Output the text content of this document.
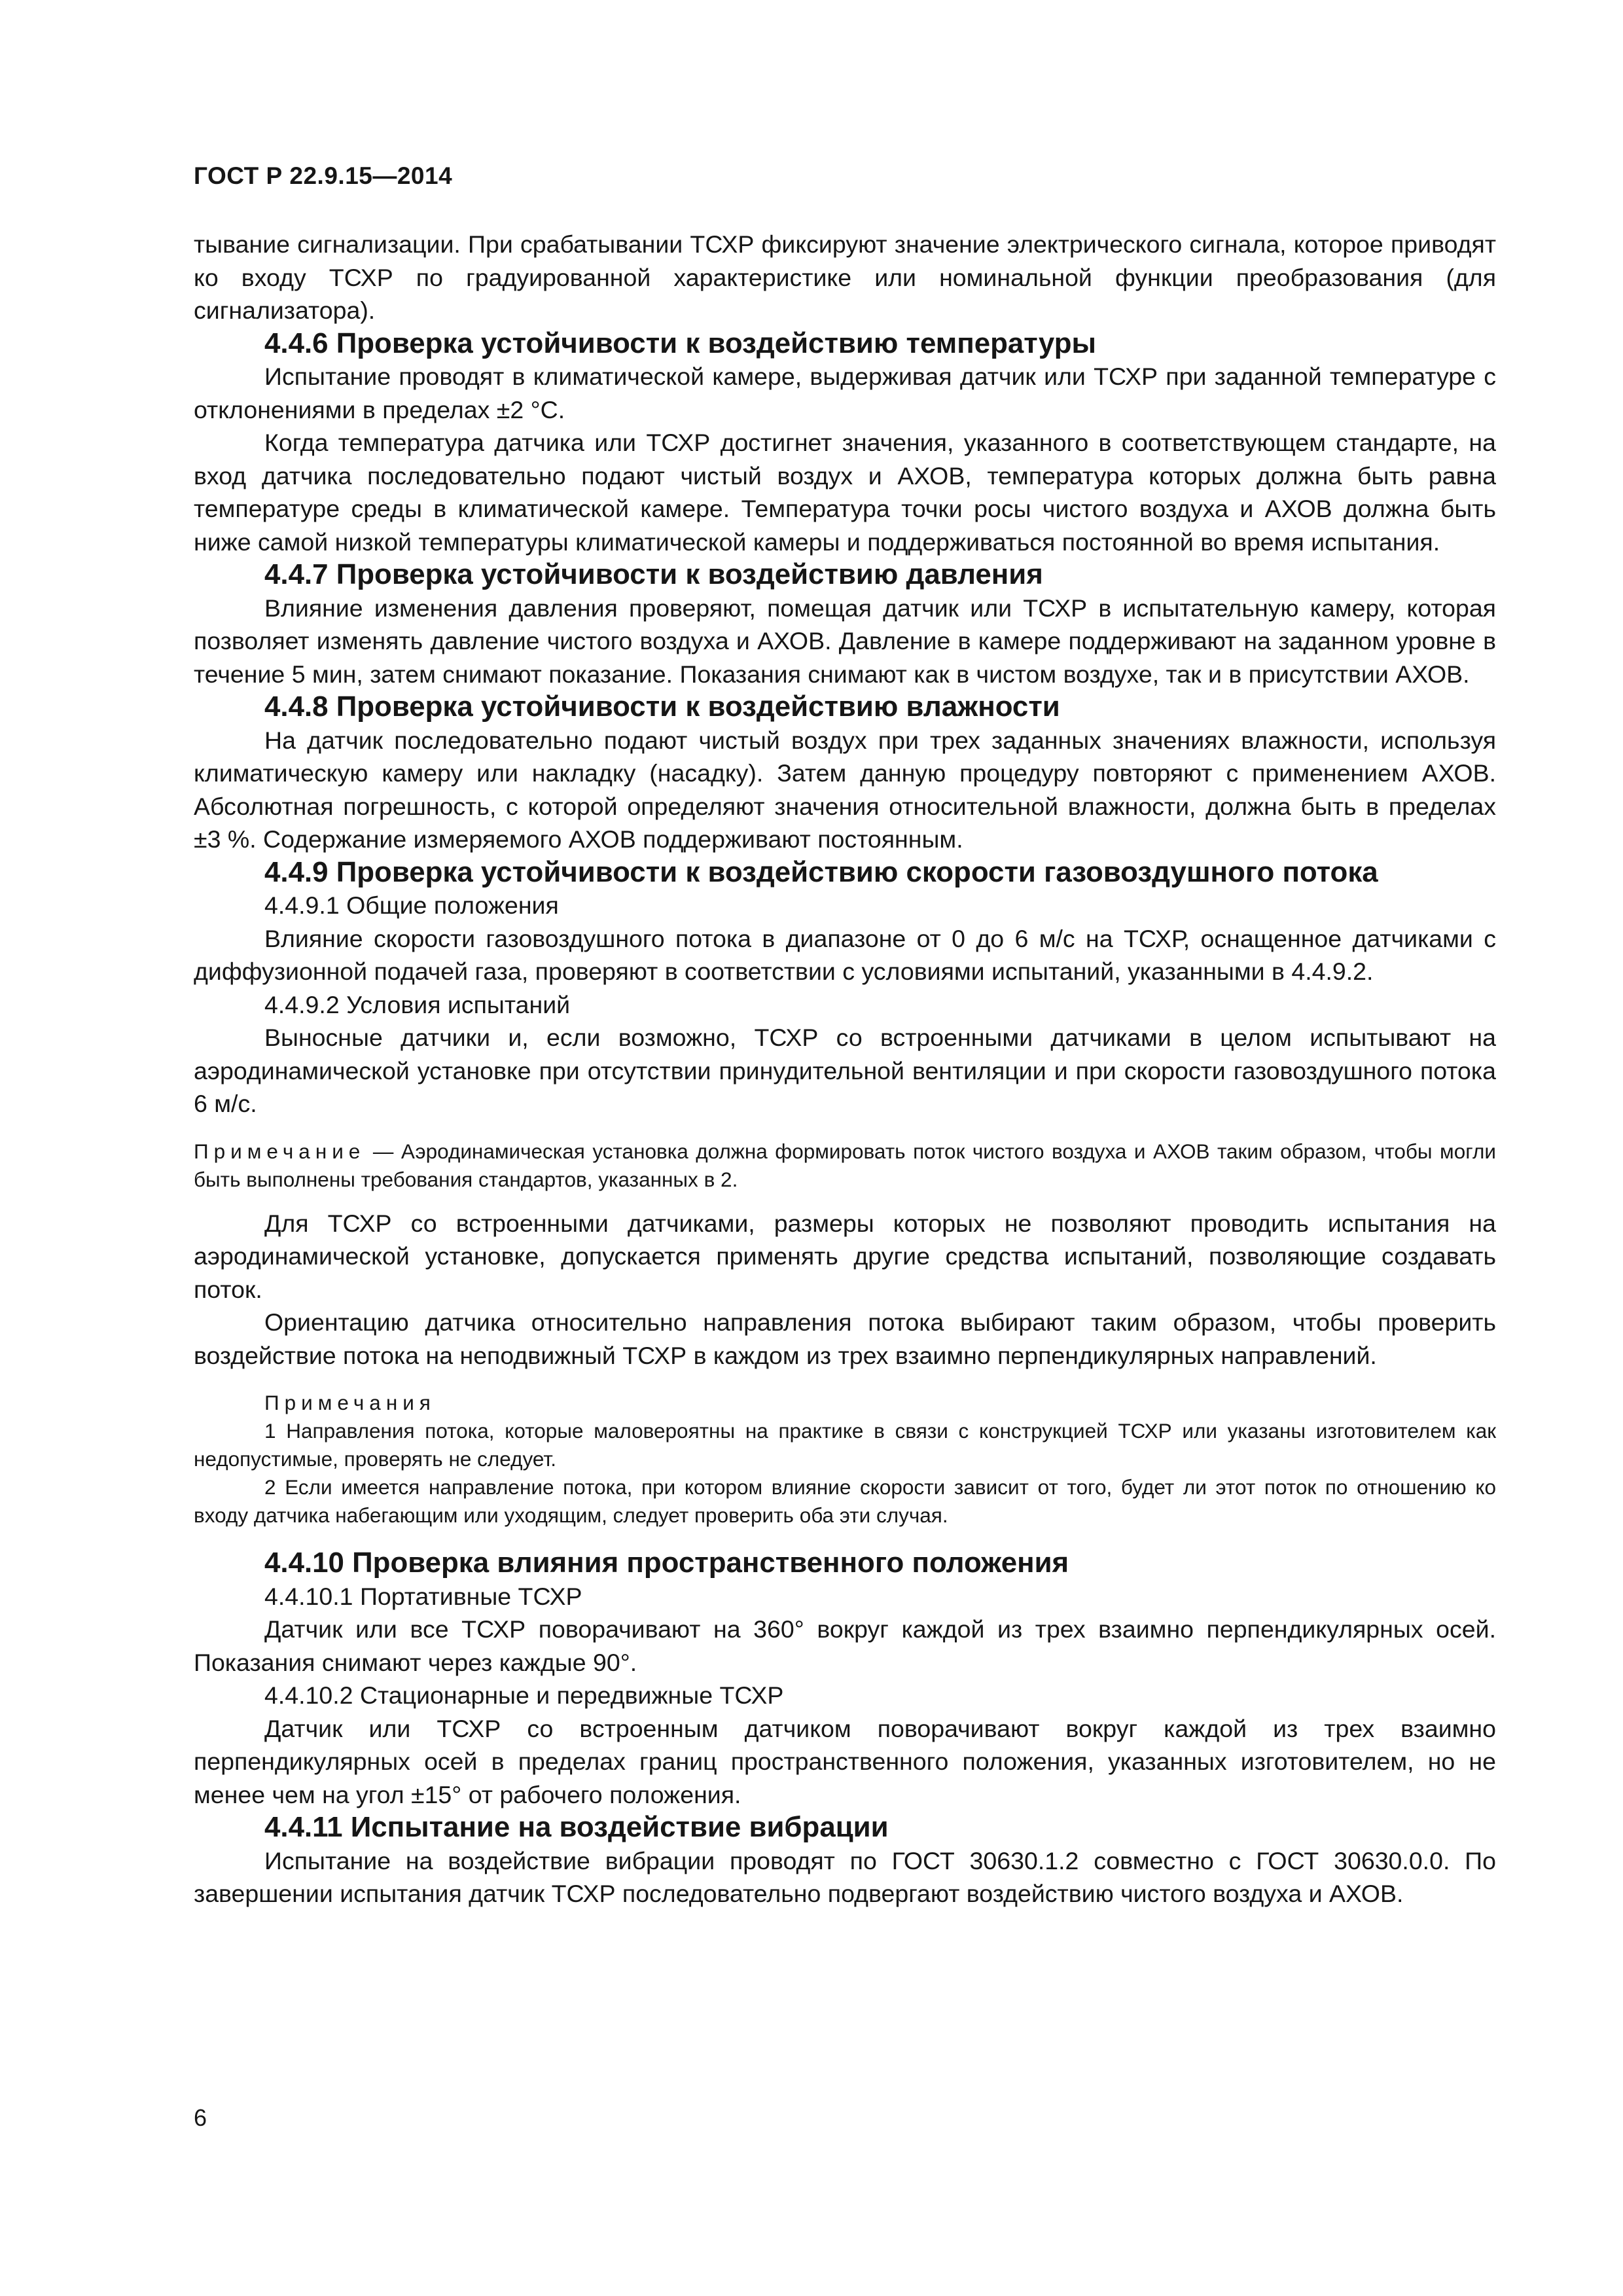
ГОСТ Р 22.9.15—2014

тывание сигнализации. При срабатывании ТСХР фиксируют значение электрического сигнала, которое приводят ко входу ТСХР по градуированной характеристике или номинальной функции преобразования (для сигнализатора).

4.4.6 Проверка устойчивости к воздействию температуры

Испытание проводят в климатической камере, выдерживая датчик или ТСХР при заданной температуре с отклонениями в пределах ±2 °С.

Когда температура датчика или ТСХР достигнет значения, указанного в соответствующем стандарте, на вход датчика последовательно подают чистый воздух и АХОВ, температура которых должна быть равна температуре среды в климатической камере. Температура точки росы чистого воздуха и АХОВ должна быть ниже самой низкой температуры климатической камеры и поддерживаться постоянной во время испытания.

4.4.7 Проверка устойчивости к воздействию давления

Влияние изменения давления проверяют, помещая датчик или ТСХР в испытательную камеру, которая позволяет изменять давление чистого воздуха и АХОВ. Давление в камере поддерживают на заданном уровне в течение 5 мин, затем снимают показание. Показания снимают как в чистом воздухе, так и в присутствии АХОВ.

4.4.8 Проверка устойчивости к воздействию влажности

На датчик последовательно подают чистый воздух при трех заданных значениях влажности, используя климатическую камеру или накладку (насадку). Затем данную процедуру повторяют с применением АХОВ. Абсолютная погрешность, с которой определяют значения относительной влажности, должна быть в пределах ±3 %. Содержание измеряемого АХОВ поддерживают постоянным.

4.4.9 Проверка устойчивости к воздействию скорости газовоздушного потока

4.4.9.1 Общие положения

Влияние скорости газовоздушного потока в диапазоне от 0 до 6 м/с на ТСХР, оснащенное датчиками с диффузионной подачей газа, проверяют в соответствии с условиями испытаний, указанными в 4.4.9.2.

4.4.9.2 Условия испытаний

Выносные датчики и, если возможно, ТСХР со встроенными датчиками в целом испытывают на аэродинамической установке при отсутствии принудительной вентиляции и при скорости газовоздушного потока 6 м/с.

Примечание — Аэродинамическая установка должна формировать поток чистого воздуха и АХОВ таким образом, чтобы могли быть выполнены требования стандартов, указанных в 2.

Для ТСХР со встроенными датчиками, размеры которых не позволяют проводить испытания на аэродинамической установке, допускается применять другие средства испытаний, позволяющие создавать поток.

Ориентацию датчика относительно направления потока выбирают таким образом, чтобы проверить воздействие потока на неподвижный ТСХР в каждом из трех взаимно перпендикулярных направлений.

Примечания

1 Направления потока, которые маловероятны на практике в связи с конструкцией ТСХР или указаны изготовителем как недопустимые, проверять не следует.

2 Если имеется направление потока, при котором влияние скорости зависит от того, будет ли этот поток по отношению ко входу датчика набегающим или уходящим, следует проверить оба эти случая.

4.4.10 Проверка влияния пространственного положения

4.4.10.1 Портативные ТСХР

Датчик или все ТСХР поворачивают на 360° вокруг каждой из трех взаимно перпендикулярных осей. Показания снимают через каждые 90°.

4.4.10.2 Стационарные и передвижные ТСХР

Датчик или ТСХР со встроенным датчиком поворачивают вокруг каждой из трех взаимно перпендикулярных осей в пределах границ пространственного положения, указанных изготовителем, но не менее чем на угол ±15° от рабочего положения.

4.4.11 Испытание на воздействие вибрации

Испытание на воздействие вибрации проводят по ГОСТ 30630.1.2 совместно с ГОСТ 30630.0.0. По завершении испытания датчик ТСХР последовательно подвергают воздействию чистого воздуха и АХОВ.

6
